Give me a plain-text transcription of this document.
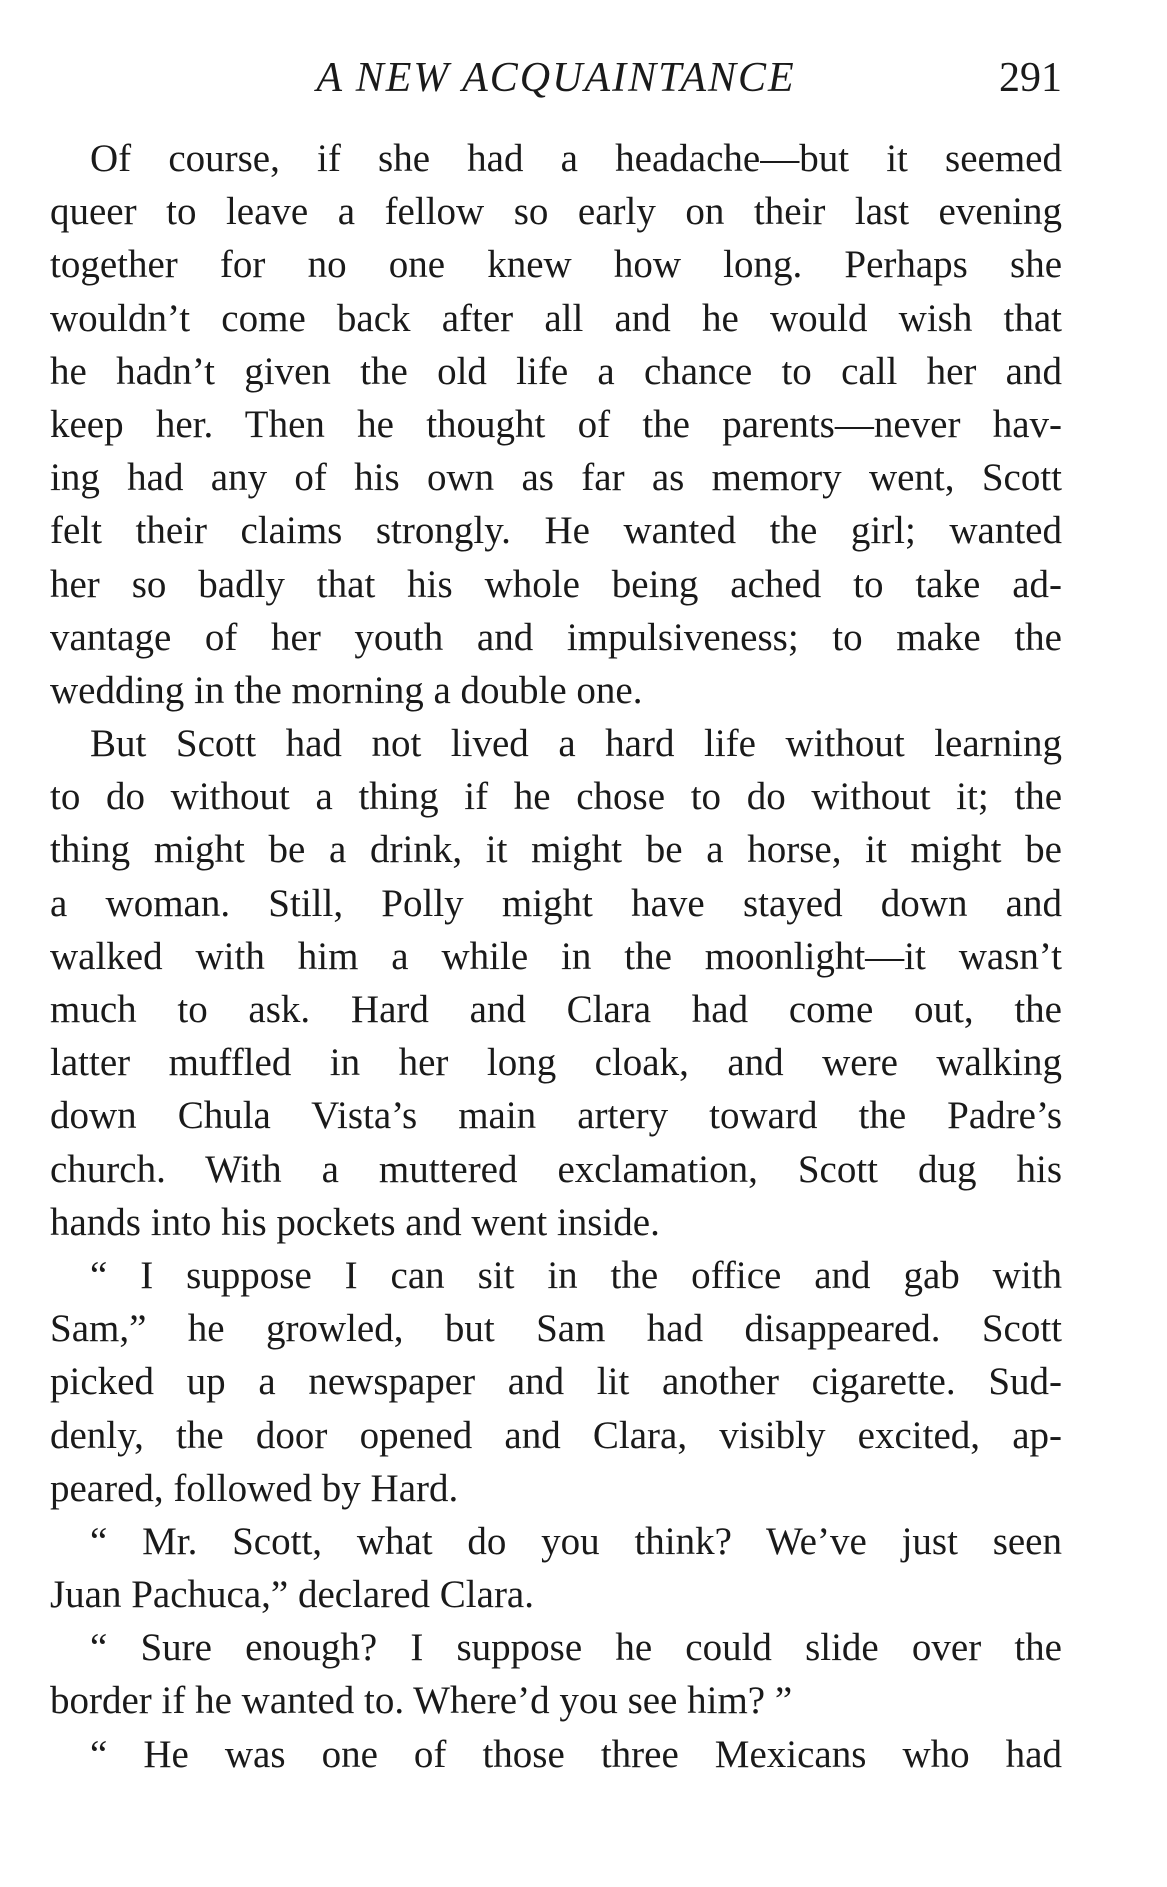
A NEW ACQUAINTANCE	291
Of course, if she had a headache—but it seemed
queer to leave a fellow so early on their last evening
together for no one knew how long. Perhaps she
wouldn’t come back after all and he would wish that
he hadn’t given the old life a chance to call her and
keep her. Then he thought of the parents—never hav-
ing had any of his own as far as memory went, Scott
felt their claims strongly. He wanted the girl; wanted
her so badly that his whole being ached to take ad-
vantage of her youth and impulsiveness; to make the
wedding in the morning a double one.
But Scott had not lived a hard life without learning
to do without a thing if he chose to do without it; the
thing might be a drink, it might be a horse, it might be
a woman. Still, Polly might have stayed down and
walked with him a while in the moonlight—it wasn’t
much to ask. Hard and Clara had come out, the
latter muffled in her long cloak, and were walking
down Chula Vista’s main artery toward the Padre’s
church. With a muttered exclamation, Scott dug his
hands into his pockets and went inside.
“ I suppose I can sit in the office and gab with
Sam,” he growled, but Sam had disappeared. Scott
picked up a newspaper and lit another cigarette. Sud-
denly, the door opened and Clara, visibly excited, ap-
peared, followed by Hard.
“ Mr. Scott, what do you think? We’ve just seen
Juan Pachuca,” declared Clara.
“ Sure enough? I suppose he could slide over the
border if he wanted to. Where’d you see him? ”
“ He was one of those three Mexicans who had
